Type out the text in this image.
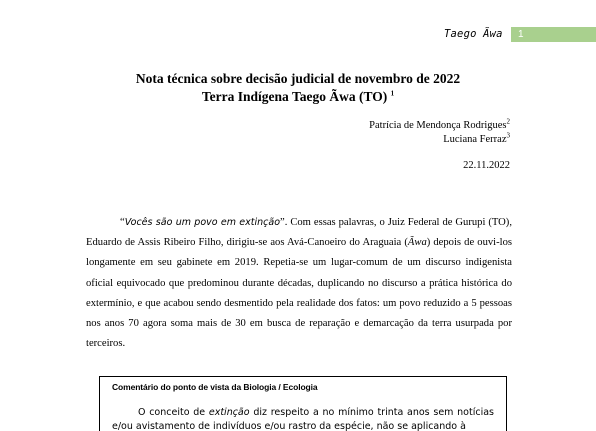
Taego Ãwa	1
Nota técnica sobre decisão judicial de novembro de 2022
Terra Indígena Taego Ãwa (TO) $^1$
Patrícia de Mendonça Rodrigues$^2$
Luciana Ferraz$^3$
22.11.2022

“Vocês são um povo em extinção”. Com essas palavras, o Juiz Federal de Gurupi (TO), Eduardo de Assis Ribeiro Filho, dirigiu-se aos Avá-Canoeiro do Araguaia (Ãwa) depois de ouvi-los longamente em seu gabinete em 2019. Repetia-se um lugar-comum de um discurso indigenista oficial equivocado que predominou durante décadas, duplicando no discurso a prática histórica do extermínio, e que acabou sendo desmentido pela realidade dos fatos: um povo reduzido a 5 pessoas nos anos 70 agora soma mais de 30 em busca de reparação e demarcação da terra usurpada por terceiros.

Comentário do ponto de vista da Biologia / Ecologia

O conceito de extinção diz respeito a no mínimo trinta anos sem notícias e/ou avistamento de indivíduos e/ou rastro da espécie, não se aplicando à
